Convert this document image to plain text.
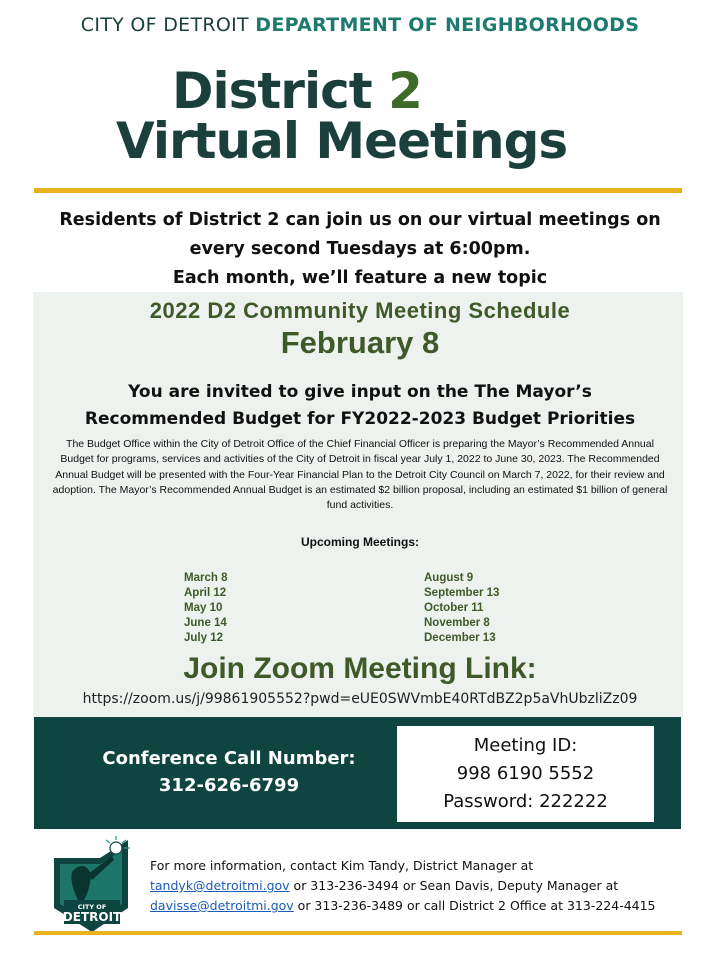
CITY OF DETROIT DEPARTMENT OF NEIGHBORHOODS
District 2
Virtual Meetings
Residents of District 2 can join us on our virtual meetings on
every second Tuesdays at 6:00pm.
Each month, we’ll feature a new topic
2022 D2 Community Meeting Schedule
February 8
You are invited to give input on the The Mayor’s
Recommended Budget for FY2022-2023 Budget Priorities
The Budget Office within the City of Detroit Office of the Chief Financial Officer is preparing the Mayor’s Recommended Annual Budget for programs, services and activities of the City of Detroit in fiscal year July 1, 2022 to June 30, 2023. The Recommended Annual Budget will be presented with the Four-Year Financial Plan to the Detroit City Council on March 7, 2022, for their review and adoption. The Mayor’s Recommended Annual Budget is an estimated $2 billion proposal, including an estimated $1 billion of general fund activities.
Upcoming Meetings:
March 8
April 12
May 10
June 14
July 12
August 9
September 13
October 11
November 8
December 13
Join Zoom Meeting Link:
https://zoom.us/j/99861905552?pwd=eUE0SWVmbE40RTdBZ2p5aVhUbzliZz09
Conference Call Number:
312-626-6799
Meeting ID:
998 6190 5552
Password: 222222
CITY OF
DETROIT
For more information, contact Kim Tandy, District Manager at
tandyk@detroitmi.gov or 313-236-3494 or Sean Davis, Deputy Manager at
davisse@detroitmi.gov or 313-236-3489 or call District 2 Office at 313-224-4415
